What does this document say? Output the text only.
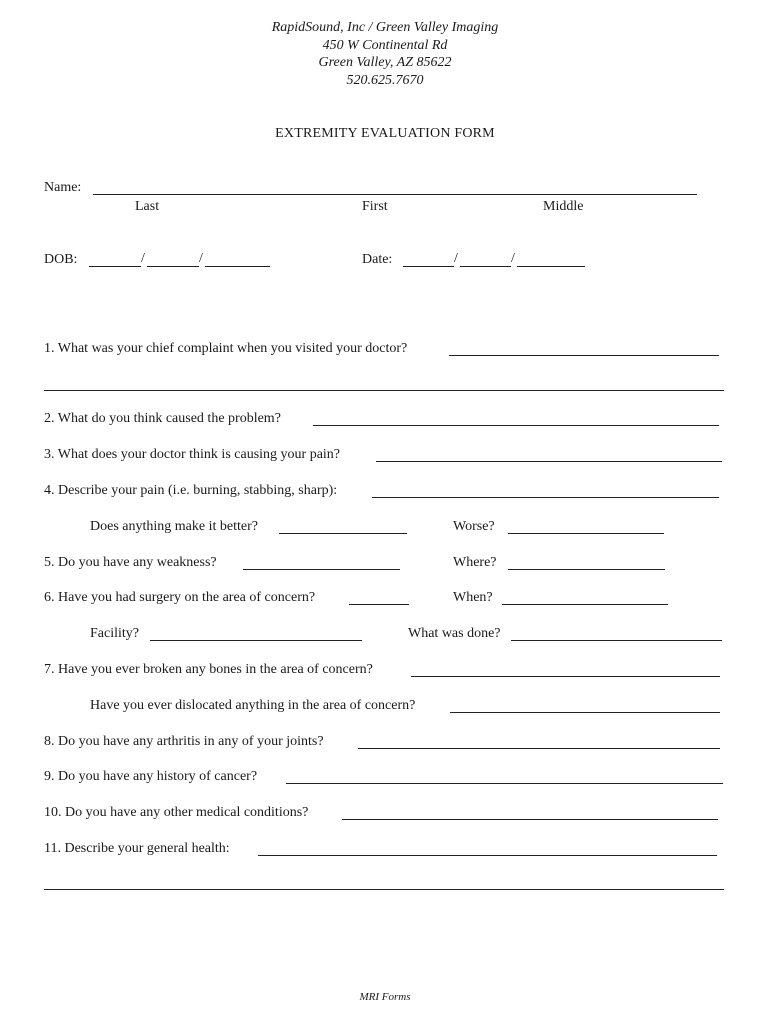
RapidSound, Inc / Green Valley Imaging
450 W Continental Rd
Green Valley, AZ 85622
520.625.7670
EXTREMITY EVALUATION FORM
Name:
Last	First	Middle
DOB:	/	/	Date:	/	/
1. What was your chief complaint when you visited your doctor?
2. What do you think caused the problem?
3. What does your doctor think is causing your pain?
4. Describe your pain (i.e. burning, stabbing, sharp):
Does anything make it better?	Worse?
5. Do you have any weakness?	Where?
6. Have you had surgery on the area of concern?	When?
Facility?	What was done?
7. Have you ever broken any bones in the area of concern?
Have you ever dislocated anything in the area of concern?
8. Do you have any arthritis in any of your joints?
9. Do you have any history of cancer?
10. Do you have any other medical conditions?
11. Describe your general health:
MRI Forms
